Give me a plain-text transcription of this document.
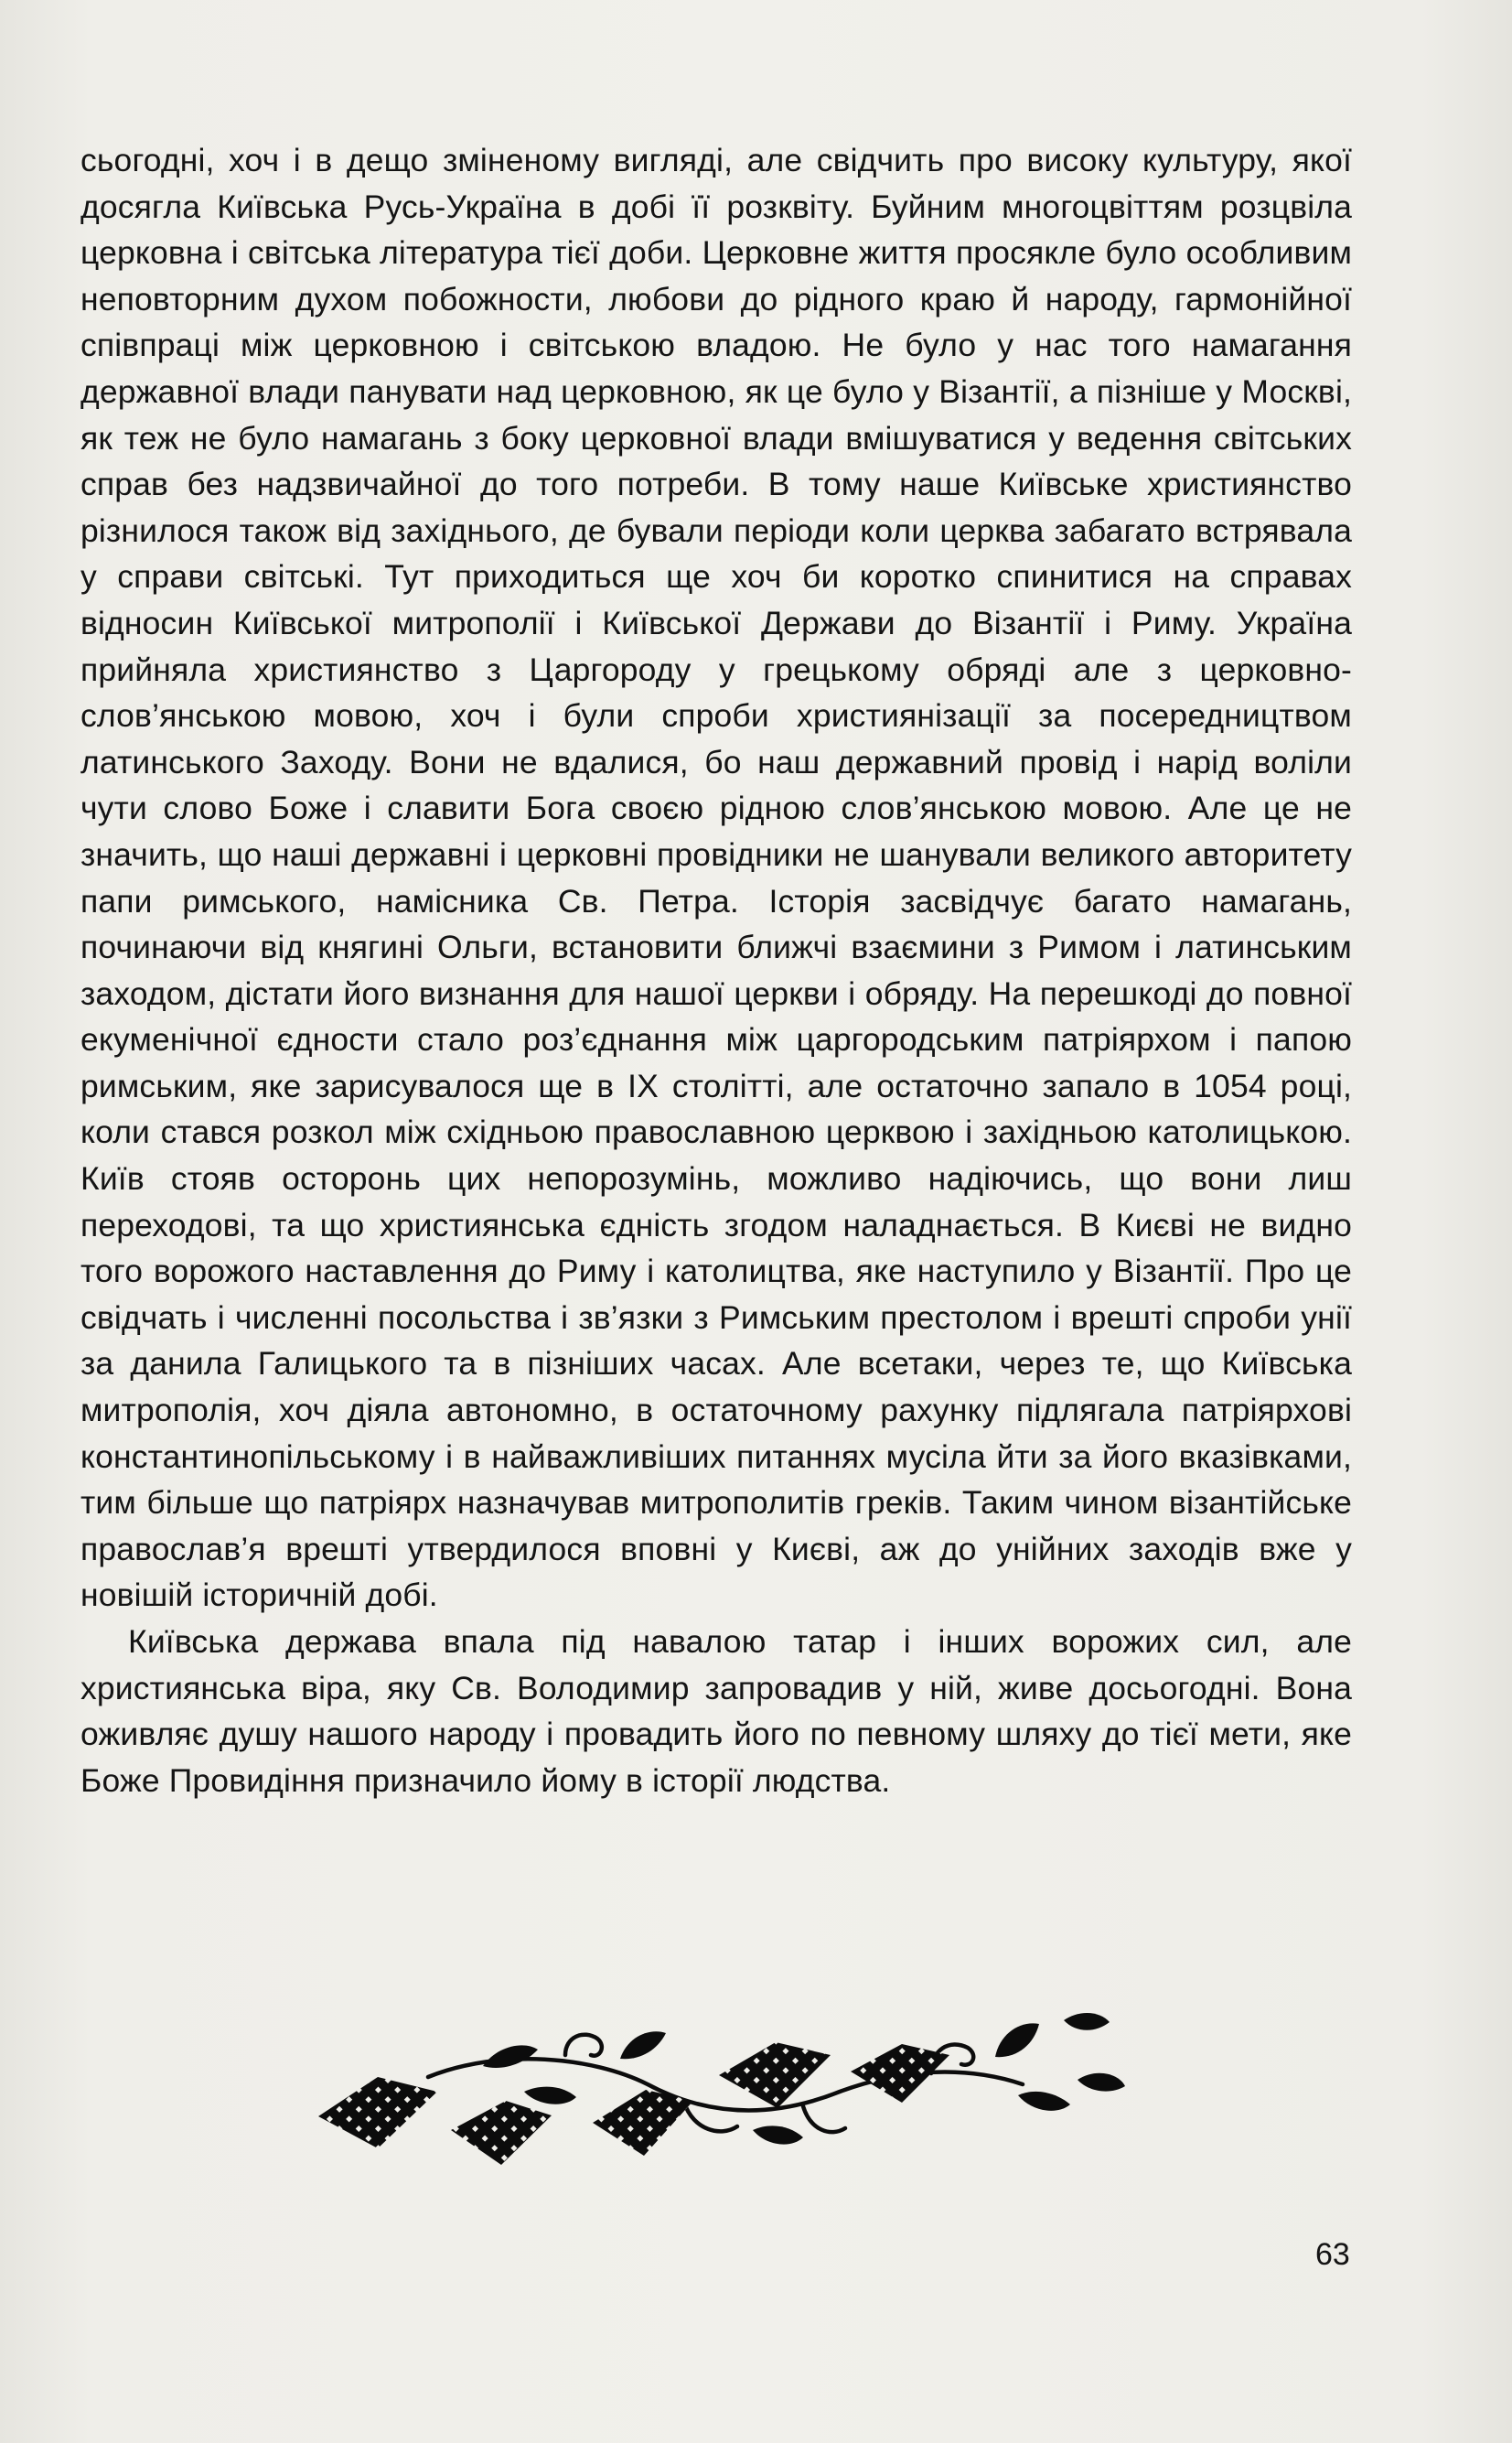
сьогодні, хоч і в дещо зміненому вигляді, але свідчить про високу культуру, якої досягла Київська Русь-Україна в добі її розквіту. Буйним многоцвіттям розцвіла церковна і світська література тієї доби. Церковне життя просякле було особливим неповторним духом побожности, любови до рідного краю й народу, гармонійної співпраці між церковною і світською владою. Не було у нас того намагання державної влади панувати над церковною, як це було у Візантії, а пізніше у Москві, як теж не було намагань з боку церковної влади вмішуватися у ведення світських справ без надзвичайної до того потреби. В тому наше Київське християнство різнилося також від західнього, де бували періоди коли церква забагато встрявала у справи світські. Тут приходиться ще хоч би коротко спинитися на справах відносин Київської митрополії і Київської Держави до Візантії і Риму. Україна прийняла християнство з Царгороду у грецькому обряді але з церковно-слов’янською мовою, хоч і були спроби християнізації за посередництвом латинського Заходу. Вони не вдалися, бо наш державний провід і нарід воліли чути слово Боже і славити Бога своєю рідною слов’янською мовою. Але це не значить, що наші державні і церковні провідники не шанували великого авторитету папи римського, намісника Св. Петра. Історія засвідчує багато намагань, починаючи від княгині Ольги, встановити ближчі взаємини з Римом і латинським заходом, дістати його визнання для нашої церкви і обряду. На перешкоді до повної екуменічної єдности стало роз’єднання між царгородським патріярхом і папою римським, яке зарисувалося ще в IX столітті, але остаточно запало в 1054 році, коли стався розкол між східньою православною церквою і західньою католицькою. Київ стояв осторонь цих непорозумінь, можливо надіючись, що вони лиш переходові, та що християнська єдність згодом наладнається. В Києві не видно того ворожого наставлення до Риму і католицтва, яке наступило у Візантії. Про це свідчать і численні посольства і зв’язки з Римським престолом і врешті спроби унії за данила Галицького та в пізніших часах. Але всетаки, через те, що Київська митрополія, хоч діяла автономно, в остаточному рахунку підлягала патріярхові константинопільському і в найважливіших питаннях мусіла йти за його вказівками, тим більше що патріярх назначував митрополитів греків. Таким чином візантійське православ’я врешті утвердилося вповні у Києві, аж до унійних заходів вже у новішій історичній добі.

Київська держава впала під навалою татар і інших ворожих сил, але християнська віра, яку Св. Володимир запровадив у ній, живе досьогодні. Вона оживляє душу нашого народу і провадить його по певному шляху до тієї мети, яке Боже Провидіння призначило йому в історії людства.

63
